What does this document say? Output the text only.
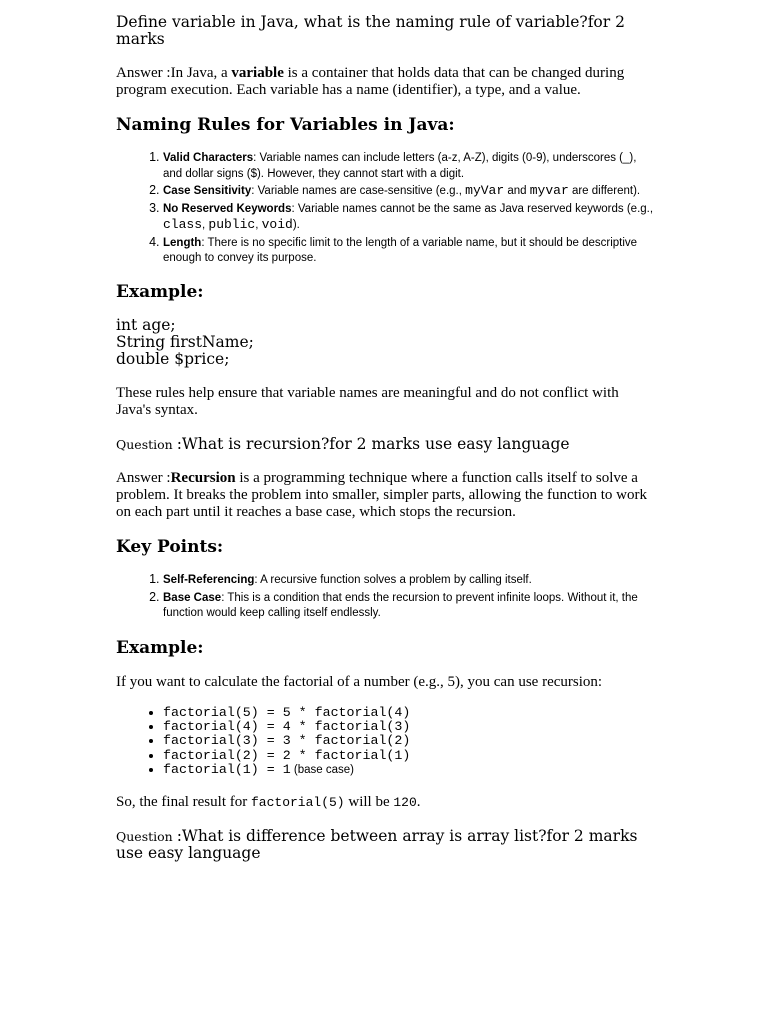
Define variable in Java, what is the naming rule of variable?for 2 marks

Answer :In Java, a variable is a container that holds data that can be changed during program execution. Each variable has a name (identifier), a type, and a value.

Naming Rules for Variables in Java:
1. Valid Characters: Variable names can include letters (a-z, A-Z), digits (0-9), underscores (_), and dollar signs ($). However, they cannot start with a digit.
2. Case Sensitivity: Variable names are case-sensitive (e.g., myVar and myvar are different).
3. No Reserved Keywords: Variable names cannot be the same as Java reserved keywords (e.g., class, public, void).
4. Length: There is no specific limit to the length of a variable name, but it should be descriptive enough to convey its purpose.
Example:
int age;
String firstName;
double $price;

These rules help ensure that variable names are meaningful and do not conflict with Java's syntax.

Question :What is recursion?for 2 marks use easy language

Answer :Recursion is a programming technique where a function calls itself to solve a problem. It breaks the problem into smaller, simpler parts, allowing the function to work on each part until it reaches a base case, which stops the recursion.

Key Points:
1. Self-Referencing: A recursive function solves a problem by calling itself.
2. Base Case: This is a condition that ends the recursion to prevent infinite loops. Without it, the function would keep calling itself endlessly.
Example:

If you want to calculate the factorial of a number (e.g., 5), you can use recursion:

• factorial(5) = 5 * factorial(4)
• factorial(4) = 4 * factorial(3)
• factorial(3) = 3 * factorial(2)
• factorial(2) = 2 * factorial(1)
• factorial(1) = 1 (base case)

So, the final result for factorial(5) will be 120.

Question :What is difference between array is array list?for 2 marks use easy language
